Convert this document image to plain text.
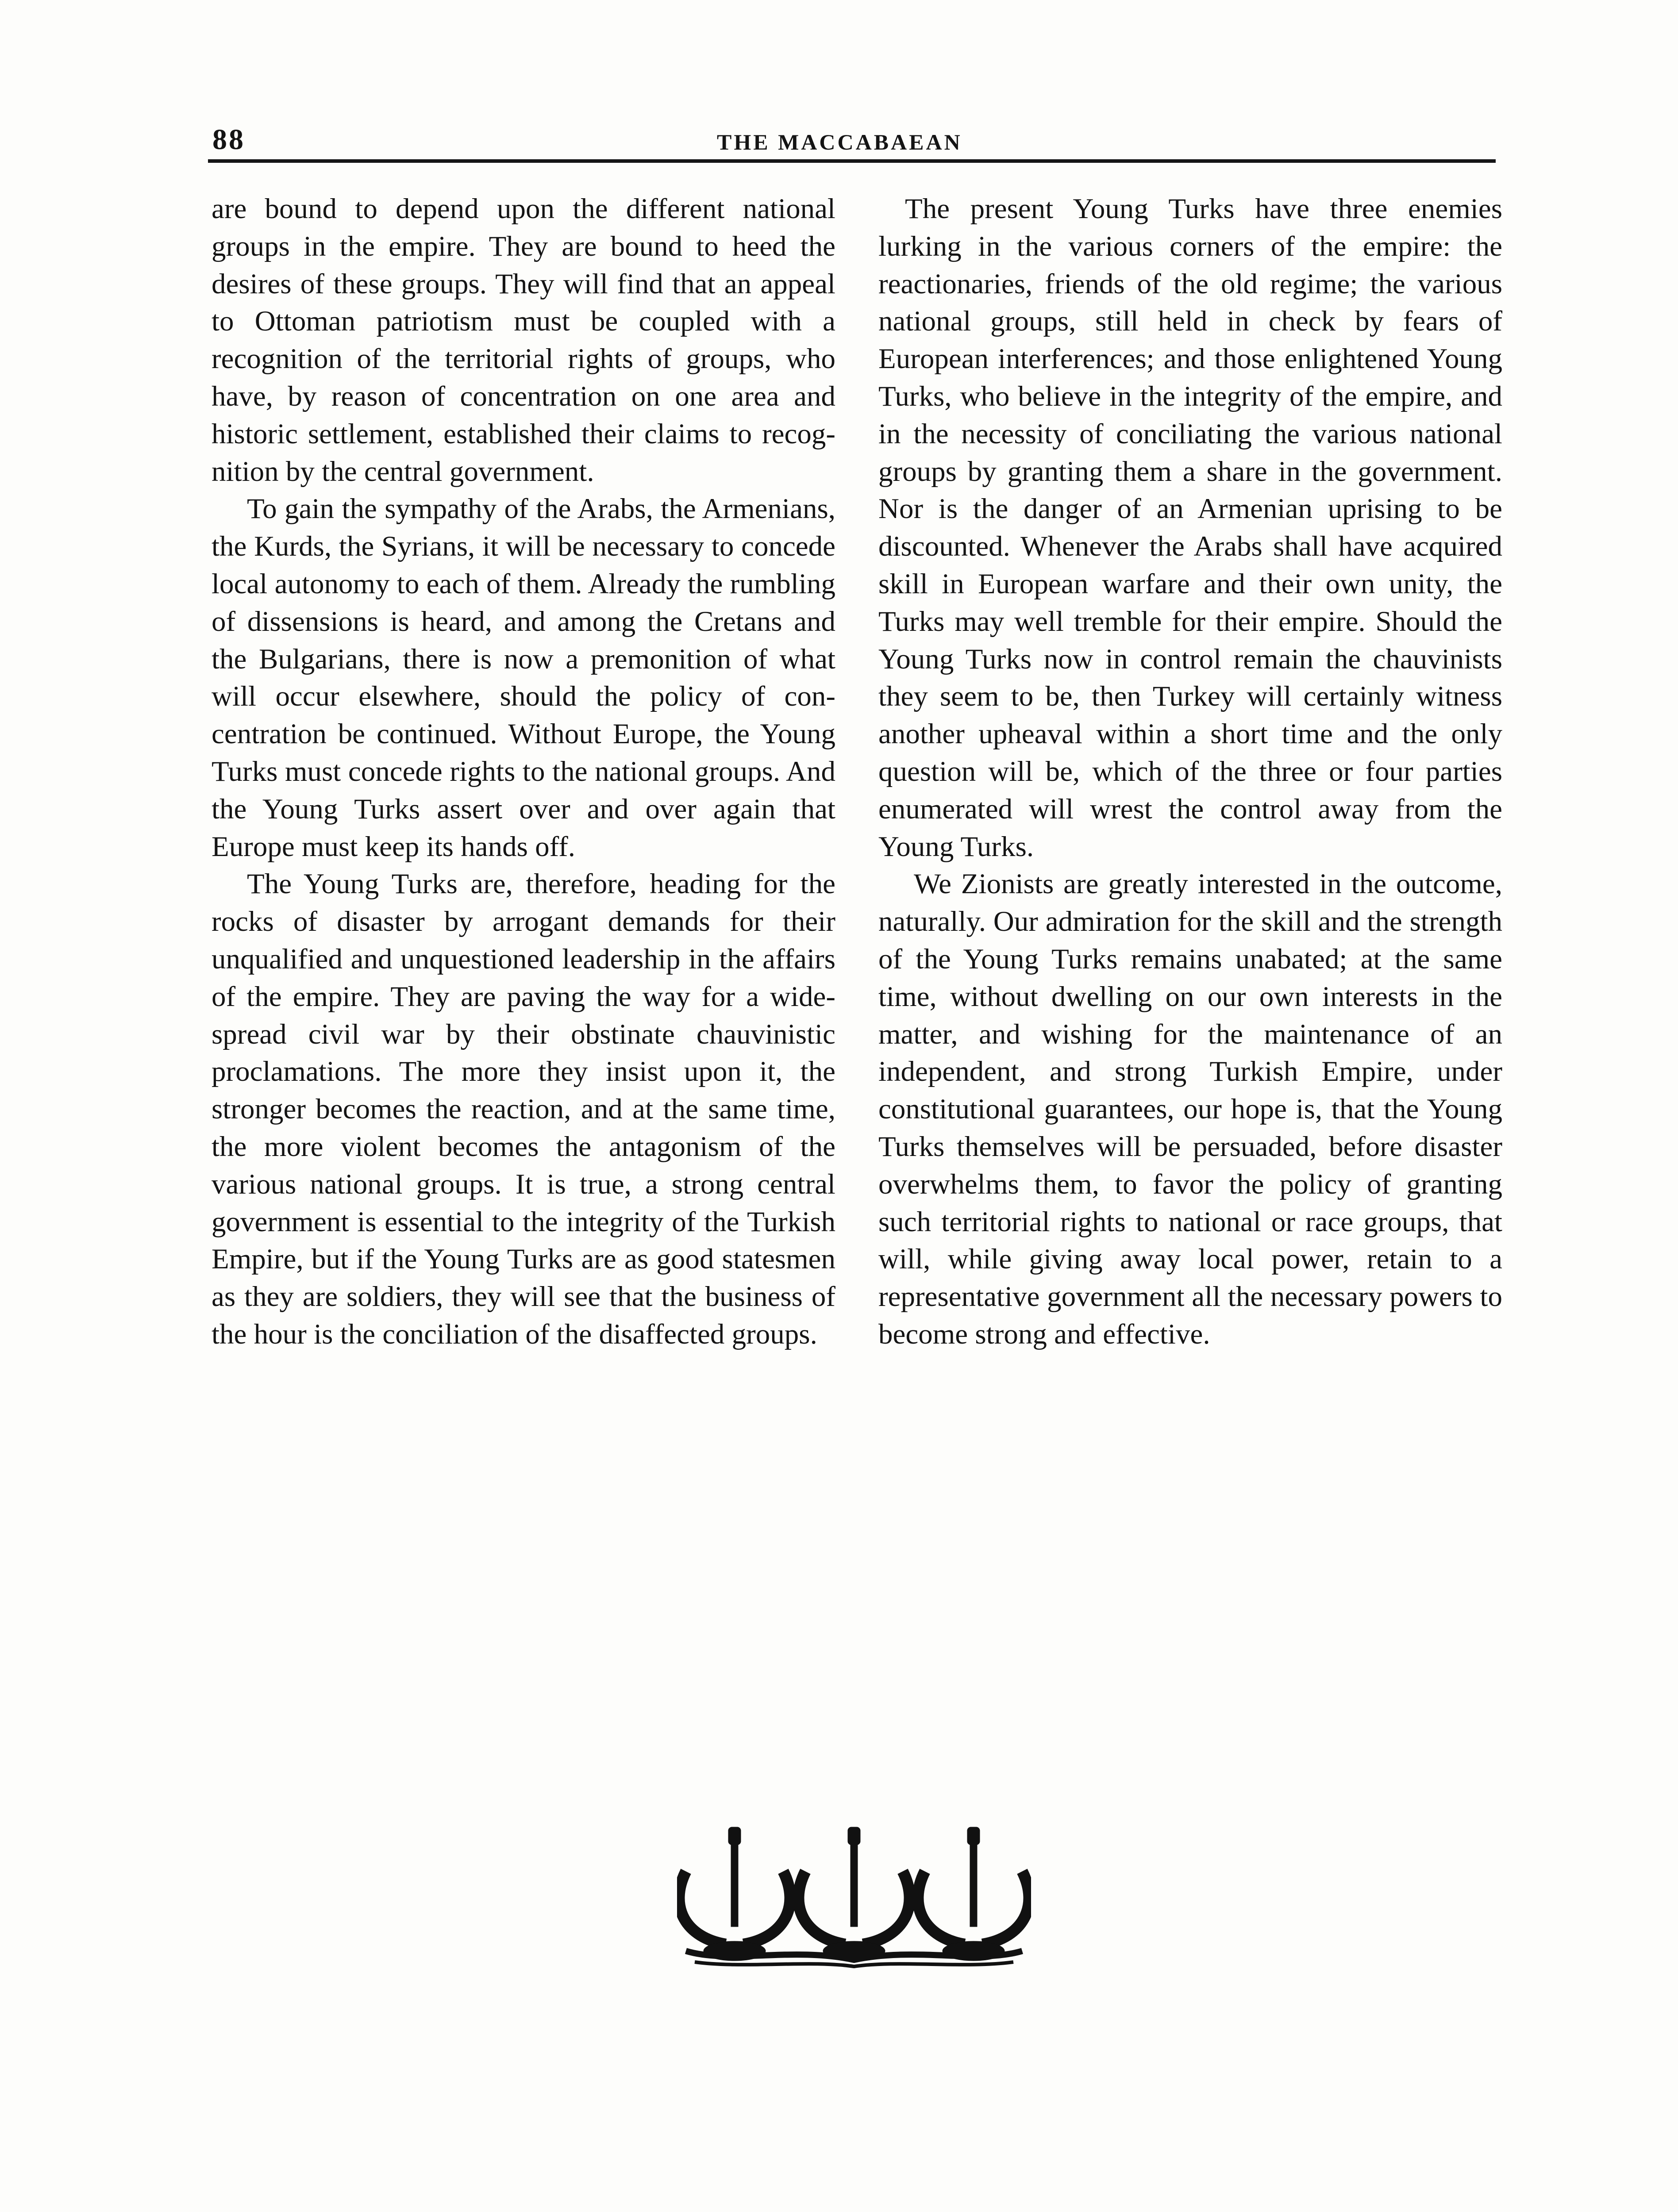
88	THE MACCABAEAN

are bound to depend upon the different national groups in the empire. They are bound to heed the desires of these groups. They will find that an appeal to Ottoman patriotism must be coupled with a recognition of the territorial rights of groups, who have, by reason of concentration on one area and historic settlement, established their claims to recognition by the central government.

To gain the sympathy of the Arabs, the Armenians, the Kurds, the Syrians, it will be necessary to concede local autonomy to each of them. Already the rumbling of dissensions is heard, and among the Cretans and the Bulgarians, there is now a premonition of what will occur elsewhere, should the policy of concentration be continued. Without Europe, the Young Turks must concede rights to the national groups. And the Young Turks assert over and over again that Europe must keep its hands off.

The Young Turks are, therefore, heading for the rocks of disaster by arrogant demands for their unqualified and unquestioned leadership in the affairs of the empire. They are paving the way for a wide-spread civil war by their obstinate chauvinistic proclamations. The more they insist upon it, the stronger becomes the reaction, and at the same time, the more violent becomes the antagonism of the various national groups. It is true, a strong central government is essential to the integrity of the Turkish Empire, but if the Young Turks are as good statesmen as they are soldiers, they will see that the business of the hour is the conciliation of the disaffected groups.

The present Young Turks have three enemies lurking in the various corners of the empire: the reactionaries, friends of the old regime; the various national groups, still held in check by fears of European interferences; and those enlightened Young Turks, who believe in the integrity of the empire, and in the necessity of conciliating the various national groups by granting them a share in the government. Nor is the danger of an Armenian uprising to be discounted. Whenever the Arabs shall have acquired skill in European warfare and their own unity, the Turks may well tremble for their empire. Should the Young Turks now in control remain the chauvinists they seem to be, then Turkey will certainly witness another upheaval within a short time and the only question will be, which of the three or four parties enumerated will wrest the control away from the Young Turks.

We Zionists are greatly interested in the outcome, naturally. Our admiration for the skill and the strength of the Young Turks remains unabated; at the same time, without dwelling on our own interests in the matter, and wishing for the maintenance of an independent, and strong Turkish Empire, under constitutional guarantees, our hope is, that the Young Turks themselves will be persuaded, before disaster overwhelms them, to favor the policy of granting such territorial rights to national or race groups, that will, while giving away local power, retain to a representative government all the necessary powers to become strong and effective.
